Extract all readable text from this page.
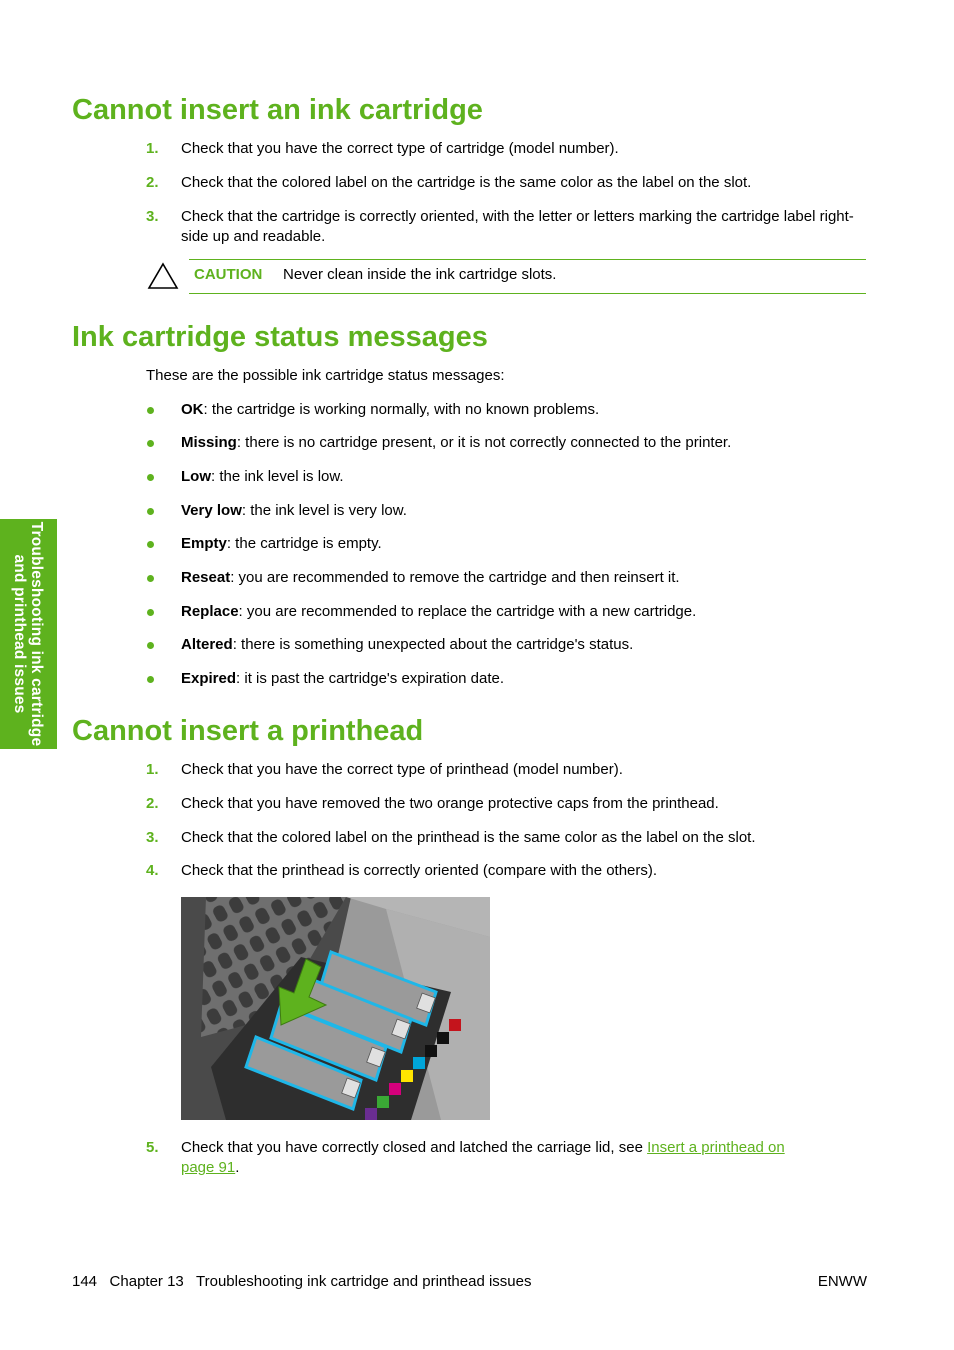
Troubleshooting ink cartridge and printhead issues
Cannot insert an ink cartridge
1.	Check that you have the correct type of cartridge (model number).
2.	Check that the colored label on the cartridge is the same color as the label on the slot.
3.	Check that the cartridge is correctly oriented, with the letter or letters marking the cartridge label right-side up and readable.
CAUTION Never clean inside the ink cartridge slots.
Ink cartridge status messages
These are the possible ink cartridge status messages:
OK: the cartridge is working normally, with no known problems.
Missing: there is no cartridge present, or it is not correctly connected to the printer.
Low: the ink level is low.
Very low: the ink level is very low.
Empty: the cartridge is empty.
Reseat: you are recommended to remove the cartridge and then reinsert it.
Replace: you are recommended to replace the cartridge with a new cartridge.
Altered: there is something unexpected about the cartridge's status.
Expired: it is past the cartridge's expiration date.
Cannot insert a printhead
1.	Check that you have the correct type of printhead (model number).
2.	Check that you have removed the two orange protective caps from the printhead.
3.	Check that the colored label on the printhead is the same color as the label on the slot.
4.	Check that the printhead is correctly oriented (compare with the others).
5.	Check that you have correctly closed and latched the carriage lid, see Insert a printhead on page 91.
144 Chapter 13 Troubleshooting ink cartridge and printhead issues	ENWW
